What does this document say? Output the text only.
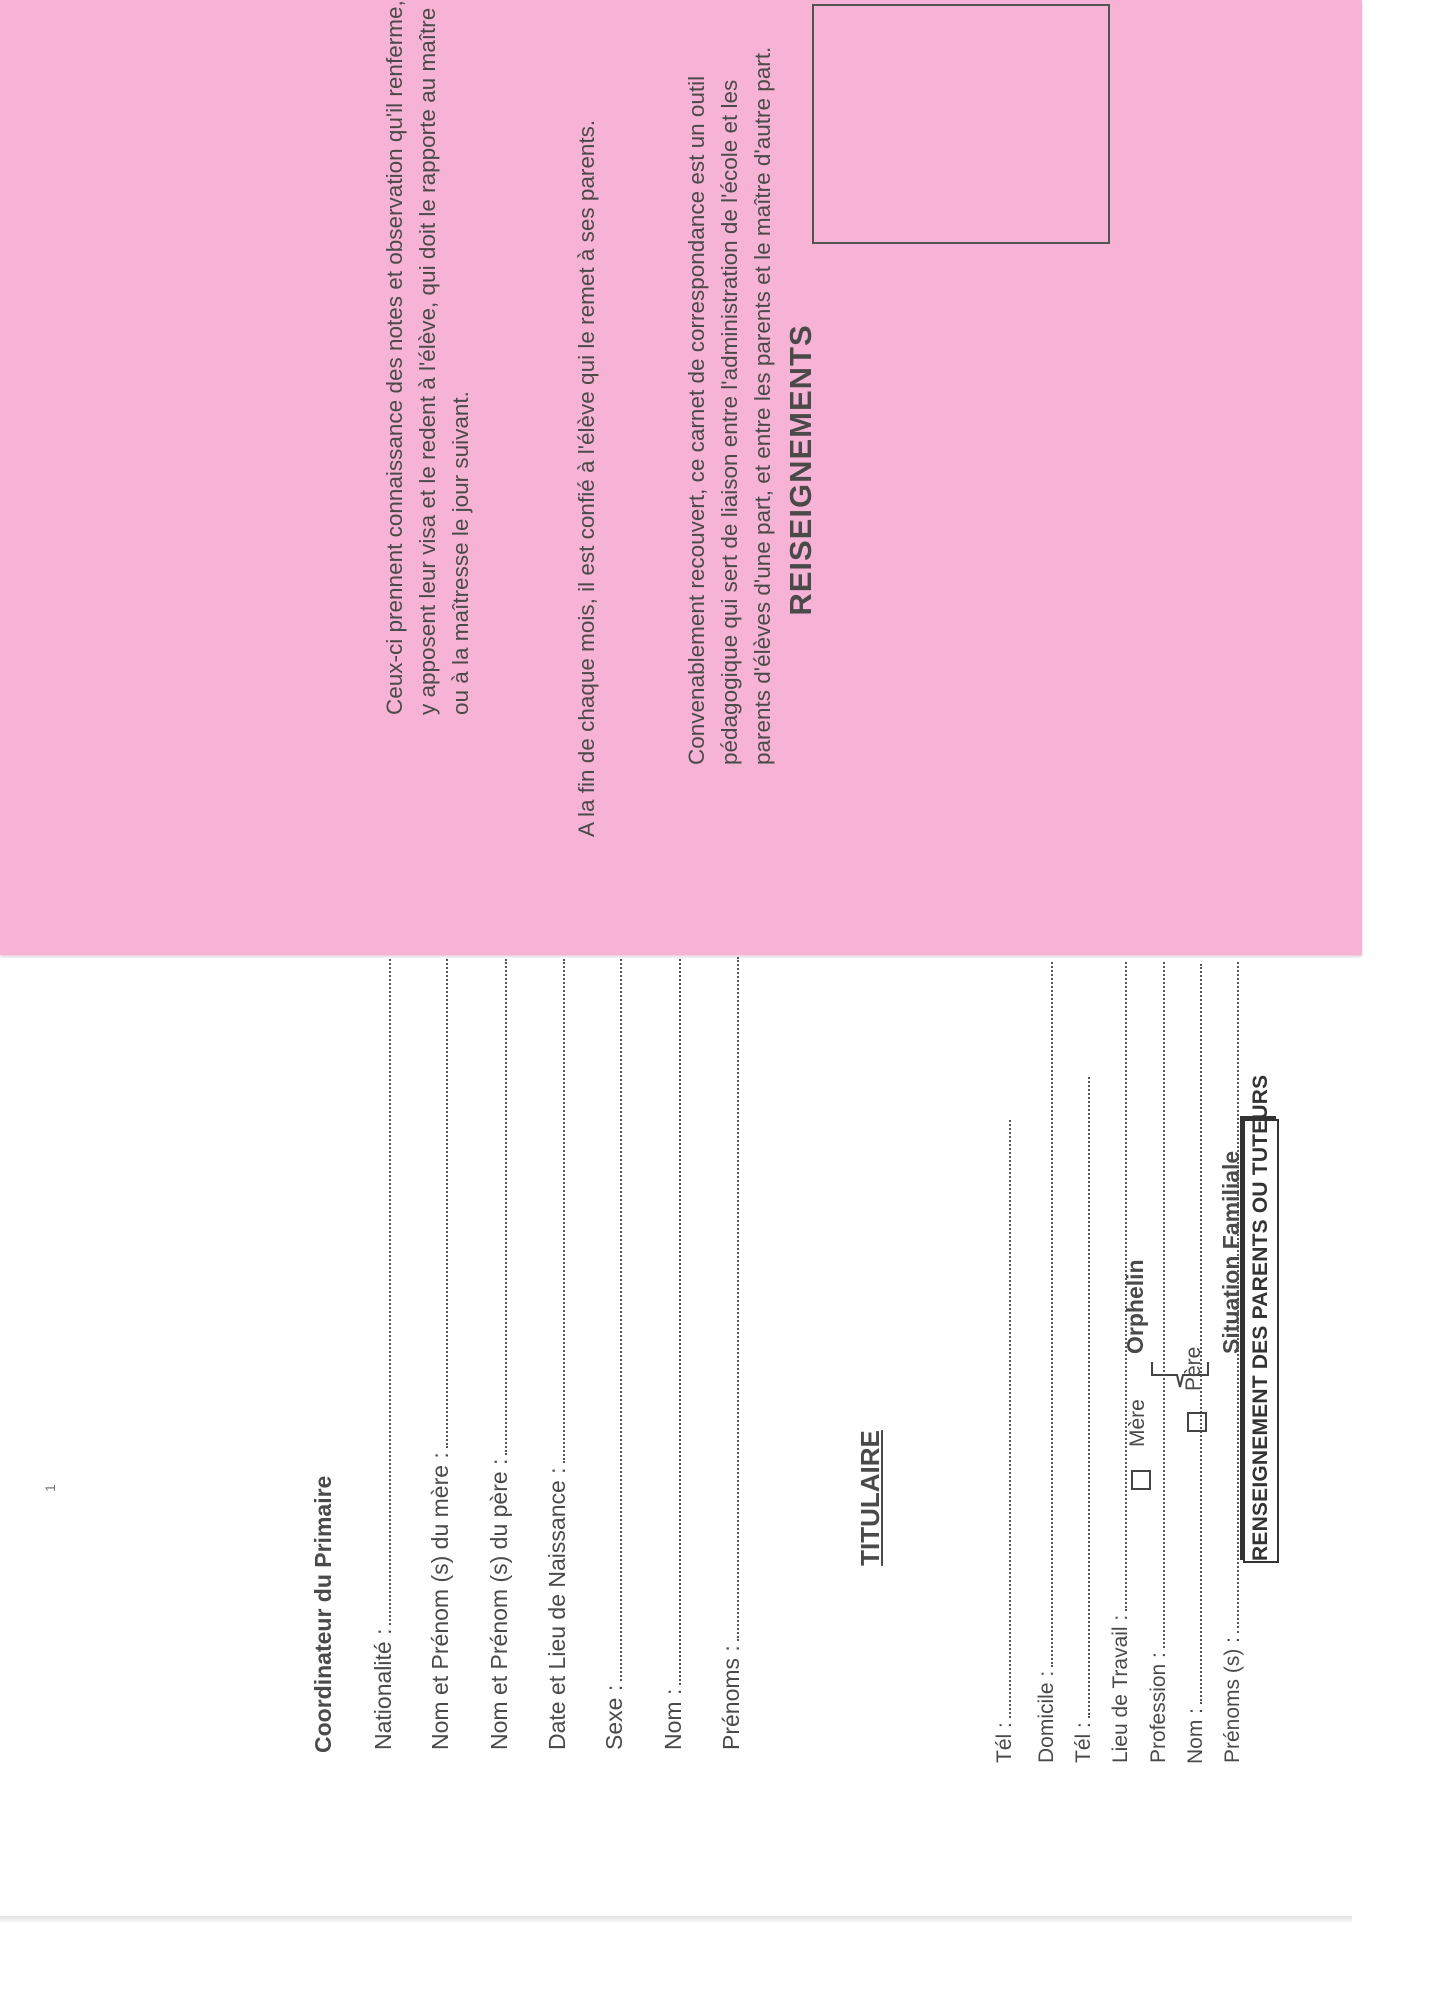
REISEIGNEMENTS

Convenablement recouvert, ce carnet de correspondance est un outil pédagogique qui sert de liaison entre l'administration de l'école et les parents d'élèves d'une part, et entre les parents et le maître d'autre part.

A la fin de chaque mois, il est confié à l'élève qui le remet à ses parents.

Ceux-ci prennent connaissance des notes et observation qu'il renferme, y apposent leur visa et le redent à l'élève, qui doit le rapporte au maître ou à la maîtresse le jour suivant.

RENSEIGNEMENT DES PARENTS OU TUTEURS
Prénoms (s) :
Nom :
Profession :
Lieu de Travail :
Tél :
Domicile :
Tél :
TITULAIRE
Prénoms :
Nom :
Sexe :
Date et Lieu de Naissance :
Nom et Prénom (s) du père :
Nom et Prénom (s) du mère :
Nationalité :
Coordinateur du Primaire
Situation Familiale
Orphelin
Père
Mère
1
